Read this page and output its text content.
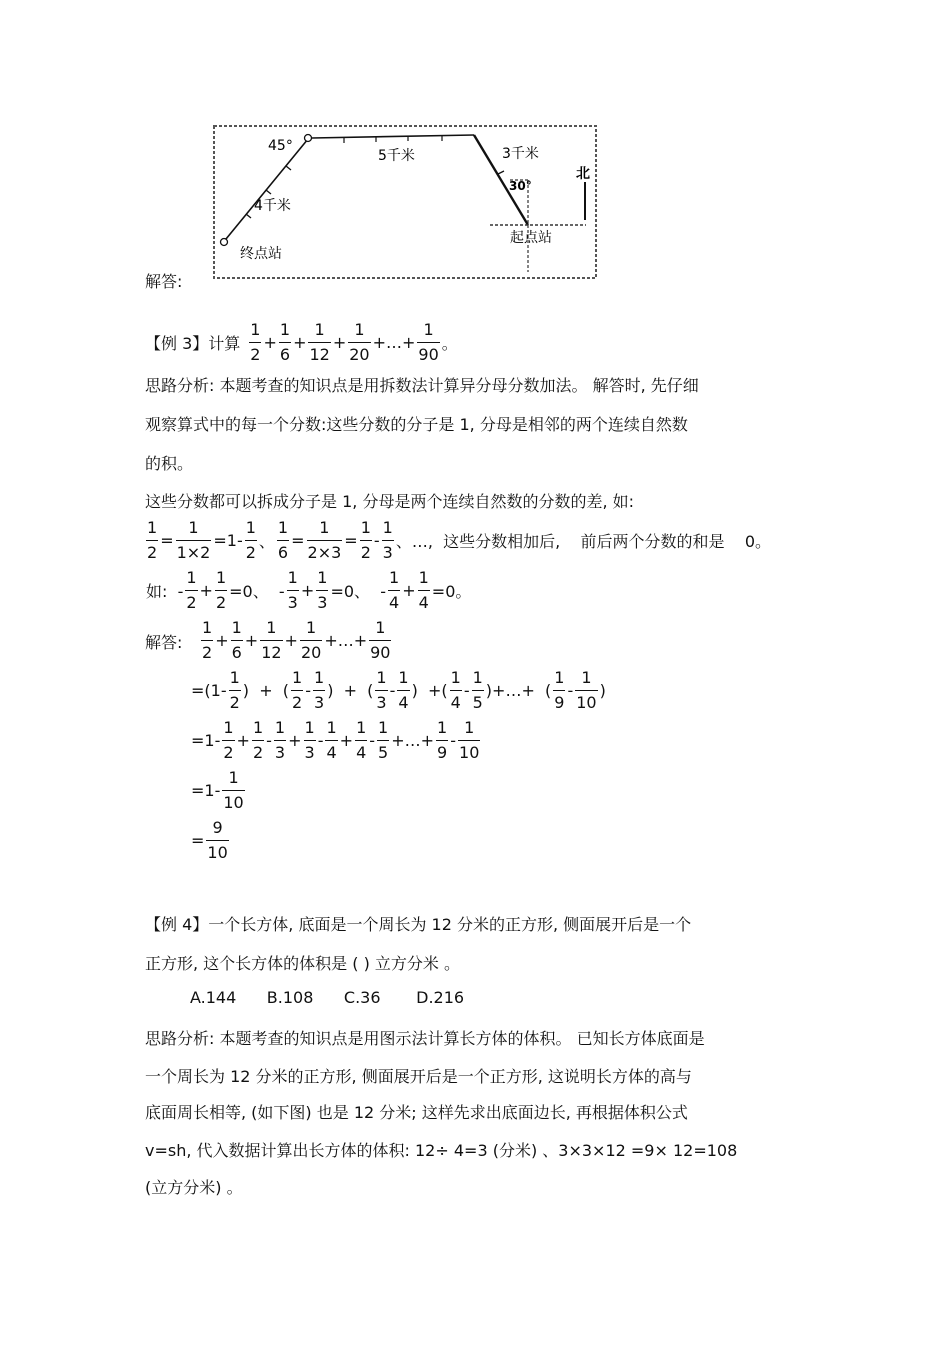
45°
5千米	3千米
4千米
30°
北
终点站
起点站
解答:
【例 3】计算 $\frac{1}{2} + \frac{1}{6} + \frac{1}{12} + \frac{1}{20}$ +…+ $\frac{1}{90}$ 。
思路分析: 本题考查的知识点是用拆数法计算异分母分数加法。 解答时, 先仔细
观察算式中的每一个分数:这些分数的分子是 1, 分母是相邻的两个连续自然数
的积。
这些分数都可以拆成分子是 1, 分母是两个连续自然数的分数的差, 如:
$\frac{1}{2} = \frac{1}{1\times 2} =1- \frac{1}{2}$ 、 $\frac{1}{6} = \frac{1}{2\times 3} = \frac{1}{2} - \frac{1}{3}$ 、…,  这些分数相加后,    前后两个分数的和是    0。
如:  - $\frac{1}{2} + \frac{1}{2} =0$、  - $\frac{1}{3} + \frac{1}{3} =0$、  - $\frac{1}{4} + \frac{1}{4} =0$。
解答: $\frac{1}{2} + \frac{1}{6} + \frac{1}{12} + \frac{1}{20}$ +…+ $\frac{1}{90}$
$=(1- \frac{1}{2}$ )  +  ( $\frac{1}{2} - \frac{1}{3}$ )  +  ( $\frac{1}{3} - \frac{1}{4}$ )  +( $\frac{1}{4} - \frac{1}{5}$ )+…+  ( $\frac{1}{9} - \frac{1}{10}$ )
$=1- \frac{1}{2} + \frac{1}{2} - \frac{1}{3} + \frac{1}{3} - \frac{1}{4} + \frac{1}{4} - \frac{1}{5}$ +…+ $\frac{1}{9} - \frac{1}{10}$
$=1- \frac{1}{10}$
= $\frac{9}{10}$
【例 4】一个长方体, 底面是一个周长为 12 分米的正方形, 侧面展开后是一个
正方形, 这个长方体的体积是 ( ) 立方分米 。
A.144      B.108      C.36       D.216
思路分析: 本题考查的知识点是用图示法计算长方体的体积。 已知长方体底面是
一个周长为 12 分米的正方形, 侧面展开后是一个正方形, 这说明长方体的高与
底面周长相等, (如下图) 也是 12 分米; 这样先求出底面边长, 再根据体积公式
v=sh, 代入数据计算出长方体的体积: 12÷ 4=3 (分米) 、3×3×12 =9× 12=108
(立方分米) 。
